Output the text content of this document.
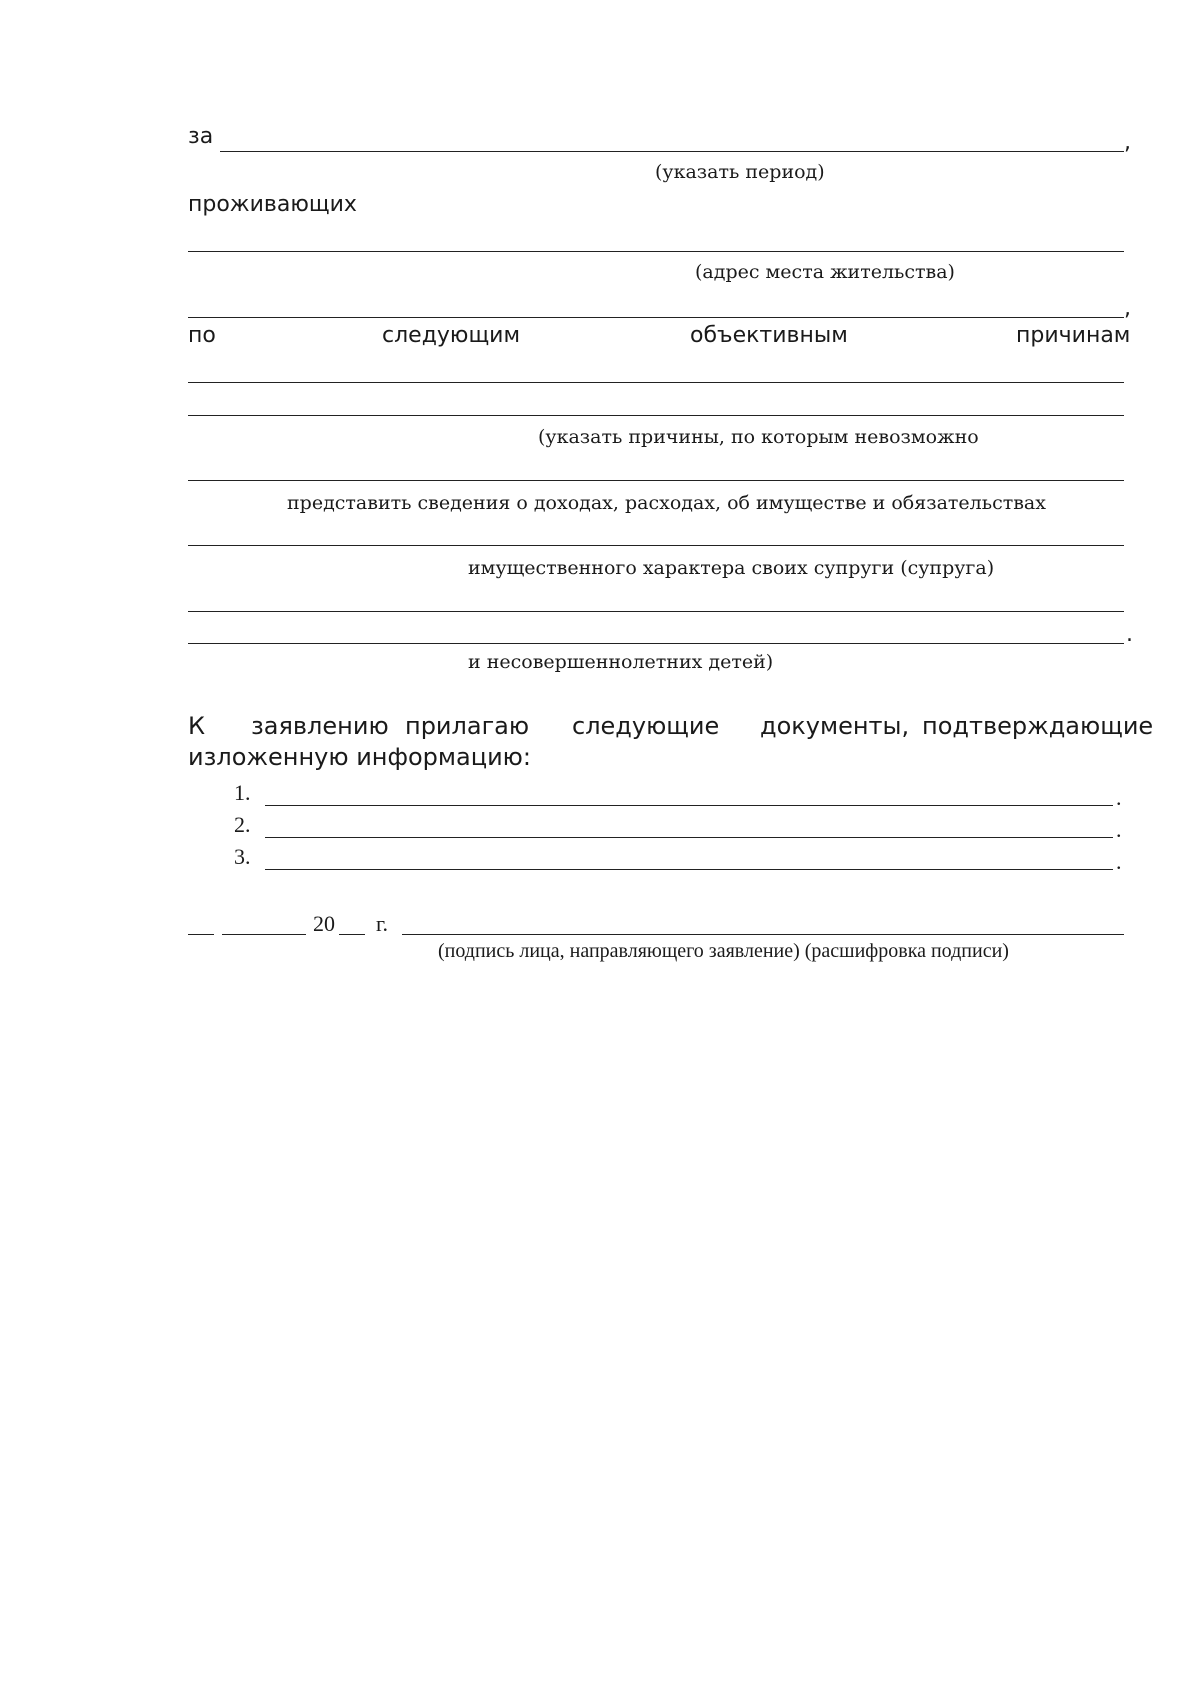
за	,
(указать период)
проживающих
(адрес места жительства)
,
по	следующим	объективным	причинам
(указать причины, по которым невозможно
представить сведения о доходах, расходах, об имуществе и обязательствах
имущественного характера своих супруги (супруга)
.
и несовершеннолетних детей)
К заявлению прилагаю следующие документы, подтверждающие
изложенную информацию:
1.	.
2.	.
3.	.
20 г.
(подпись лица, направляющего заявление) (расшифровка подписи)
